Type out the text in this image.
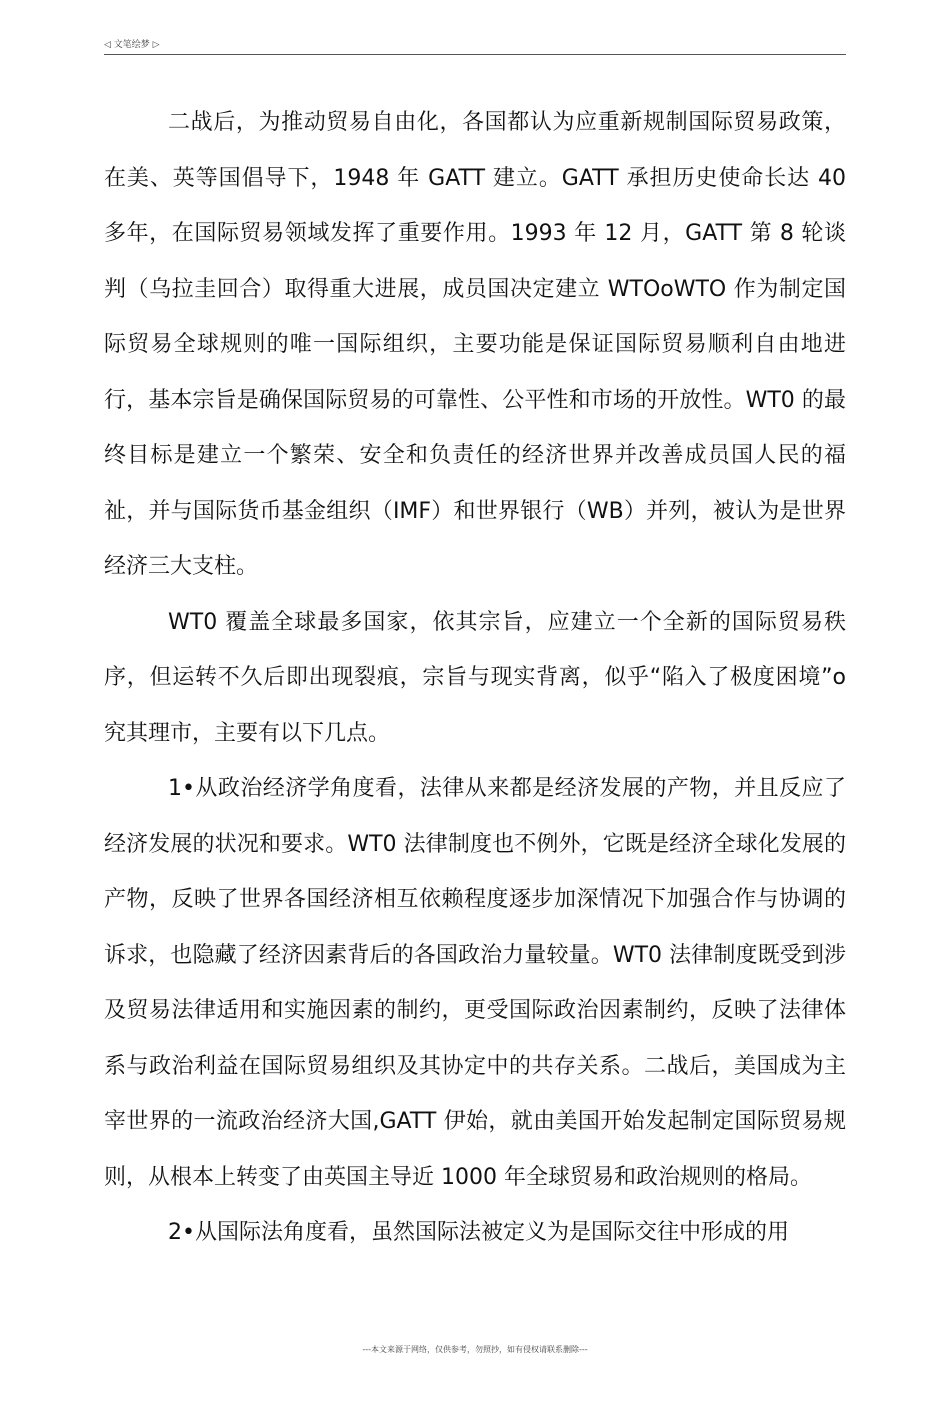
◁ 文笔绘梦 ▷

二战后，为推动贸易自由化，各国都认为应重新规制国际贸易政策，在美、英等国倡导下，1948 年 GATT 建立。GATT 承担历史使命长达 40 多年，在国际贸易领域发挥了重要作用。1993 年 12 月，GATT 第 8 轮谈判（乌拉圭回合）取得重大进展，成员国决定建立 WTOoWTO 作为制定国际贸易全球规则的唯一国际组织，主要功能是保证国际贸易顺利自由地进行，基本宗旨是确保国际贸易的可靠性、公平性和市场的开放性。WT0 的最终目标是建立一个繁荣、安全和负责任的经济世界并改善成员国人民的福祉，并与国际货币基金组织（IMF）和世界银行（WB）并列，被认为是世界经济三大支柱。

WT0 覆盖全球最多国家，依其宗旨，应建立一个全新的国际贸易秩序，但运转不久后即出现裂痕，宗旨与现实背离，似乎“陷入了极度困境”o 究其理市，主要有以下几点。

1•从政治经济学角度看，法律从来都是经济发展的产物，并且反应了经济发展的状况和要求。WT0 法律制度也不例外，它既是经济全球化发展的产物，反映了世界各国经济相互依赖程度逐步加深情况下加强合作与协调的诉求，也隐藏了经济因素背后的各国政治力量较量。WT0 法律制度既受到涉及贸易法律适用和实施因素的制约，更受国际政治因素制约，反映了法律体系与政治利益在国际贸易组织及其协定中的共存关系。二战后，美国成为主宰世界的一流政治经济大国,GATT 伊始，就由美国开始发起制定国际贸易规则，从根本上转变了由英国主导近 1000 年全球贸易和政治规则的格局。

2•从国际法角度看，虽然国际法被定义为是国际交往中形成的用

---本文来源于网络，仅供参考，勿照抄，如有侵权请联系删除---
